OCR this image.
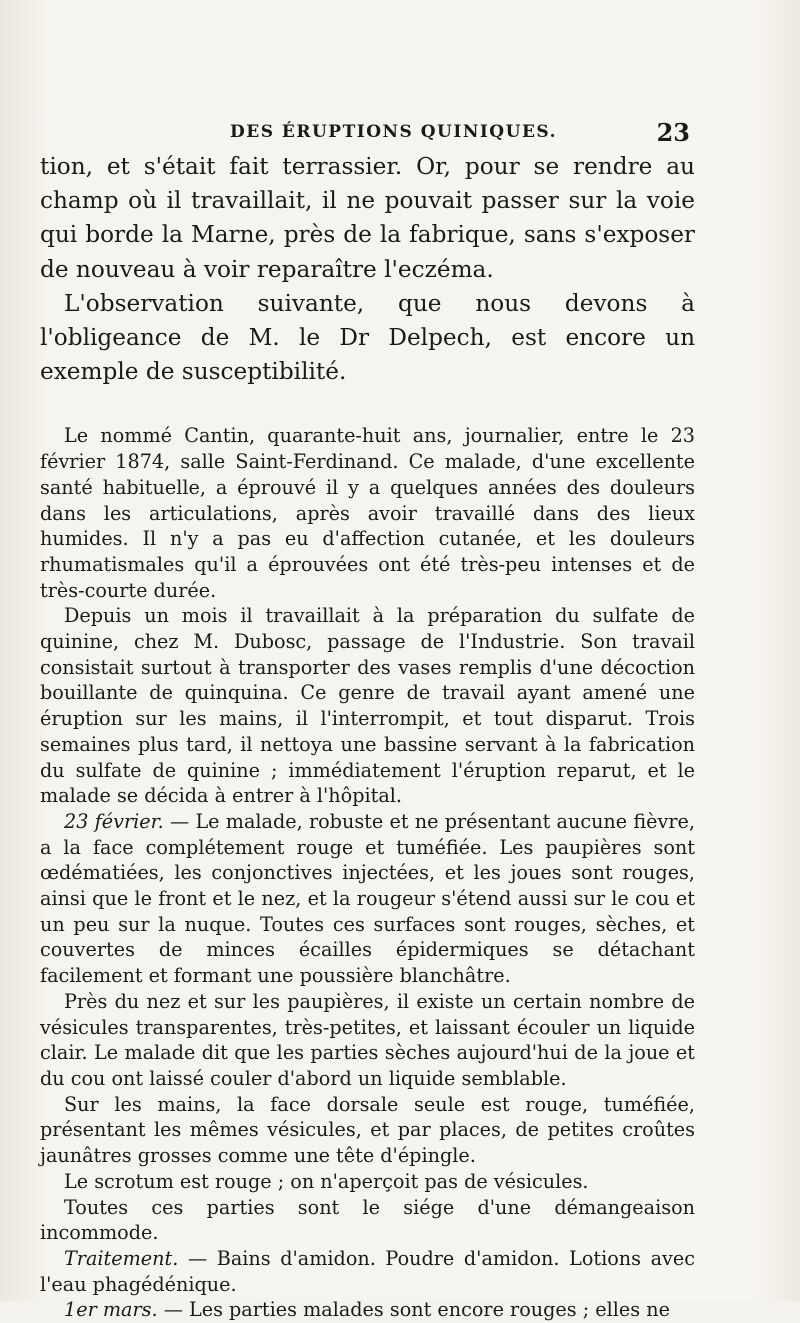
DES ÉRUPTIONS QUINIQUES.	23

tion, et s'était fait terrassier. Or, pour se rendre au champ où il travaillait, il ne pouvait passer sur la voie qui borde la Marne, près de la fabrique, sans s'exposer de nouveau à voir reparaître l'eczéma.

L'observation suivante, que nous devons à l'obligeance de M. le Dr Delpech, est encore un exemple de susceptibilité.

Le nommé Cantin, quarante-huit ans, journalier, entre le 23 février 1874, salle Saint-Ferdinand. Ce malade, d'une excellente santé habituelle, a éprouvé il y a quelques années des douleurs dans les articulations, après avoir travaillé dans des lieux humides. Il n'y a pas eu d'affection cutanée, et les douleurs rhumatismales qu'il a éprouvées ont été très-peu intenses et de très-courte durée.

Depuis un mois il travaillait à la préparation du sulfate de quinine, chez M. Dubosc, passage de l'Industrie. Son travail consistait surtout à transporter des vases remplis d'une décoction bouillante de quinquina. Ce genre de travail ayant amené une éruption sur les mains, il l'interrompit, et tout disparut. Trois semaines plus tard, il nettoya une bassine servant à la fabrication du sulfate de quinine ; immédiatement l'éruption reparut, et le malade se décida à entrer à l'hôpital.

23 février. — Le malade, robuste et ne présentant aucune fièvre, a la face complétement rouge et tuméfiée. Les paupières sont œdématiées, les conjonctives injectées, et les joues sont rouges, ainsi que le front et le nez, et la rougeur s'étend aussi sur le cou et un peu sur la nuque. Toutes ces surfaces sont rouges, sèches, et couvertes de minces écailles épidermiques se détachant facilement et formant une poussière blanchâtre.

Près du nez et sur les paupières, il existe un certain nombre de vésicules transparentes, très-petites, et laissant écouler un liquide clair. Le malade dit que les parties sèches aujourd'hui de la joue et du cou ont laissé couler d'abord un liquide semblable.

Sur les mains, la face dorsale seule est rouge, tuméfiée, présentant les mêmes vésicules, et par places, de petites croûtes jaunâtres grosses comme une tête d'épingle.

Le scrotum est rouge ; on n'aperçoit pas de vésicules.

Toutes ces parties sont le siége d'une démangeaison incommode.

Traitement. — Bains d'amidon. Poudre d'amidon. Lotions avec l'eau phagédénique.

1er mars. — Les parties malades sont encore rouges ; elles ne
